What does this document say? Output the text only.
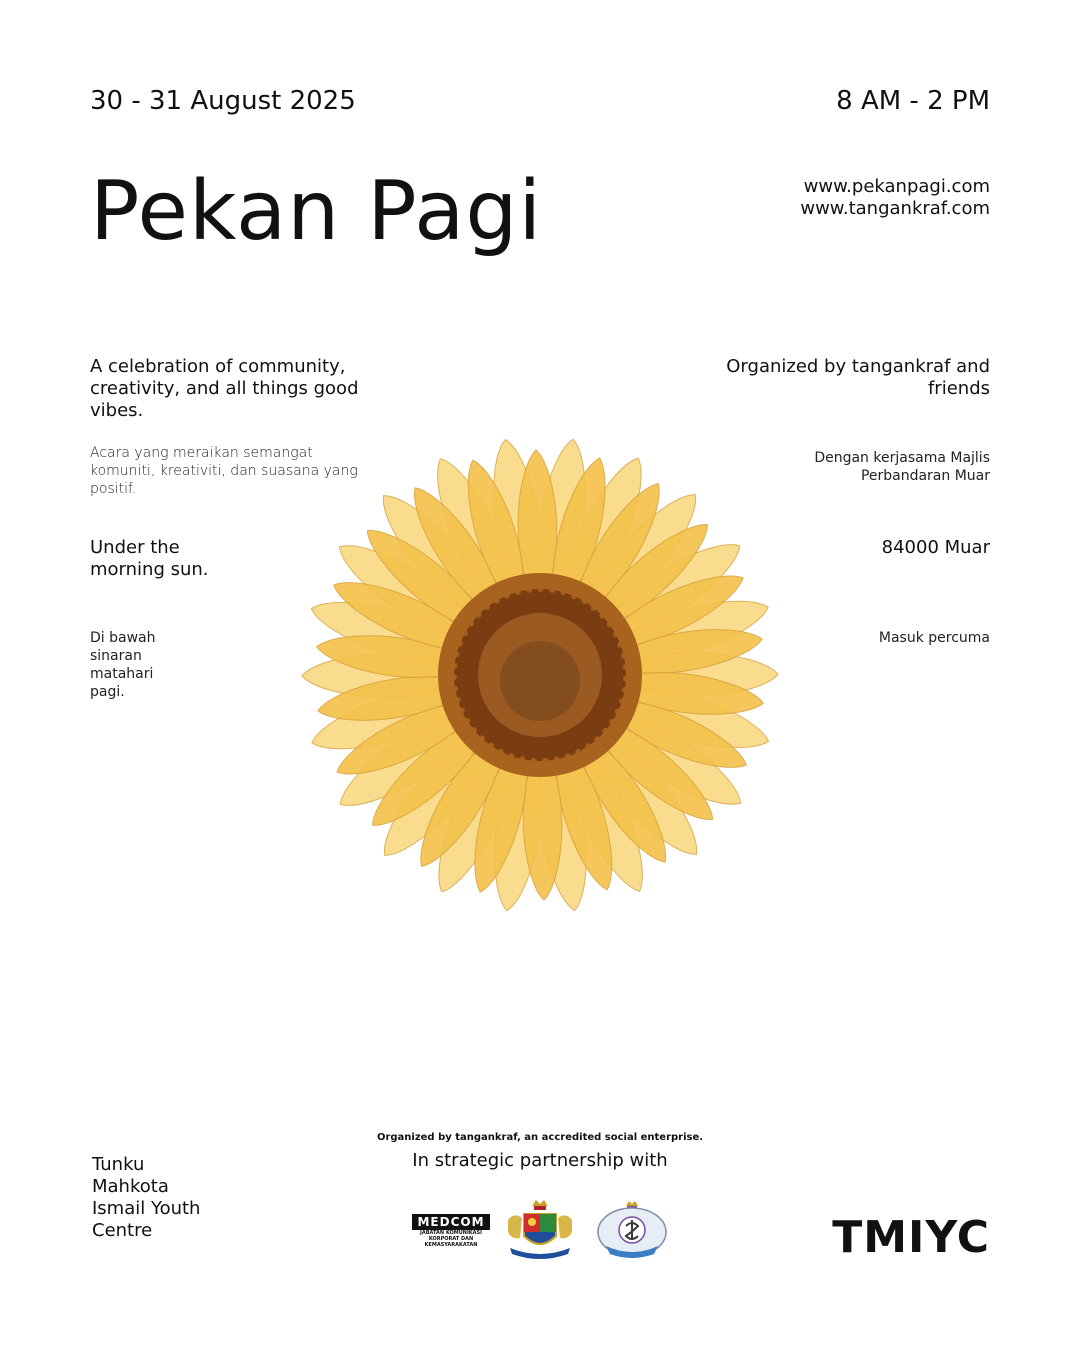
30 - 31 August 2025	8 AM - 2 PM
Pekan Pagi	www.pekanpagi.com
www.tangankraf.com
A celebration of community, creativity, and all things good vibes.
Acara yang meraikan semangat komuniti, kreativiti, dan suasana yang positif.
Organized by tangankraf and friends
Dengan kerjasama Majlis Perbandaran Muar
Under the morning sun.
Di bawah sinaran matahari pagi.
84000 Muar
Masuk percuma
Tunku Mahkota Ismail Youth Centre
Organized by tangankraf, an accredited social enterprise.
In strategic partnership with
MEDCOM
JABATAN KOMUNIKASI KORPORAT DAN KEMASYARAKATAN	TMIYC
